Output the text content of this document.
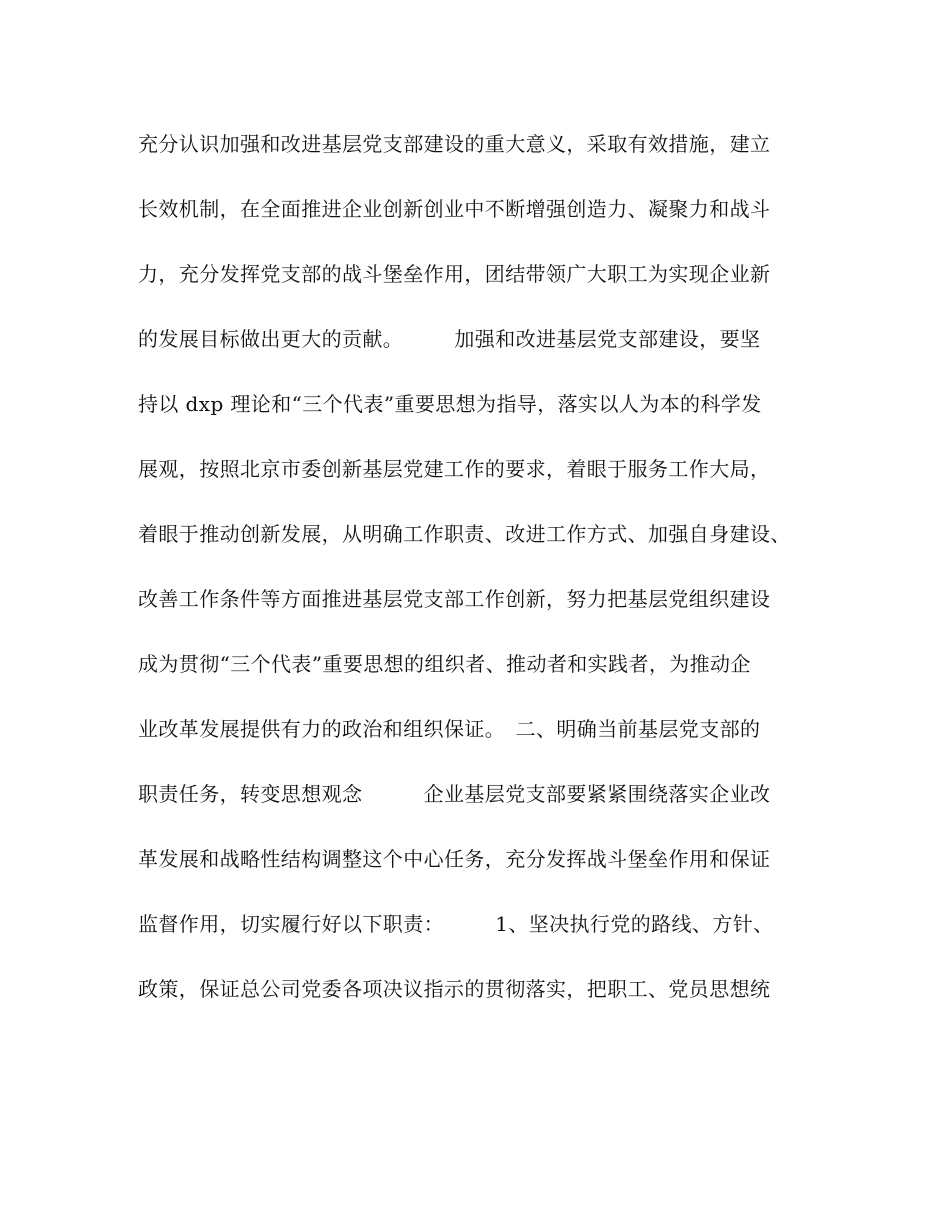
充分认识加强和改进基层党支部建设的重大意义，采取有效措施，建立
长效机制，在全面推进企业创新创业中不断增强创造力、凝聚力和战斗
力，充分发挥党支部的战斗堡垒作用，团结带领广大职工为实现企业新
的发展目标做出更大的贡献。　　　加强和改进基层党支部建设，要坚
持以 dxp 理论和“三个代表”重要思想为指导，落实以人为本的科学发
展观，按照北京市委创新基层党建工作的要求，着眼于服务工作大局，
着眼于推动创新发展，从明确工作职责、改进工作方式、加强自身建设、
改善工作条件等方面推进基层党支部工作创新，努力把基层党组织建设
成为贯彻“三个代表”重要思想的组织者、推动者和实践者，为推动企
业改革发展提供有力的政治和组织保证。　二、明确当前基层党支部的
职责任务，转变思想观念　　　企业基层党支部要紧紧围绕落实企业改
革发展和战略性结构调整这个中心任务，充分发挥战斗堡垒作用和保证
监督作用，切实履行好以下职责：　　　1、坚决执行党的路线、方针、
政策，保证总公司党委各项决议指示的贯彻落实，把职工、党员思想统
